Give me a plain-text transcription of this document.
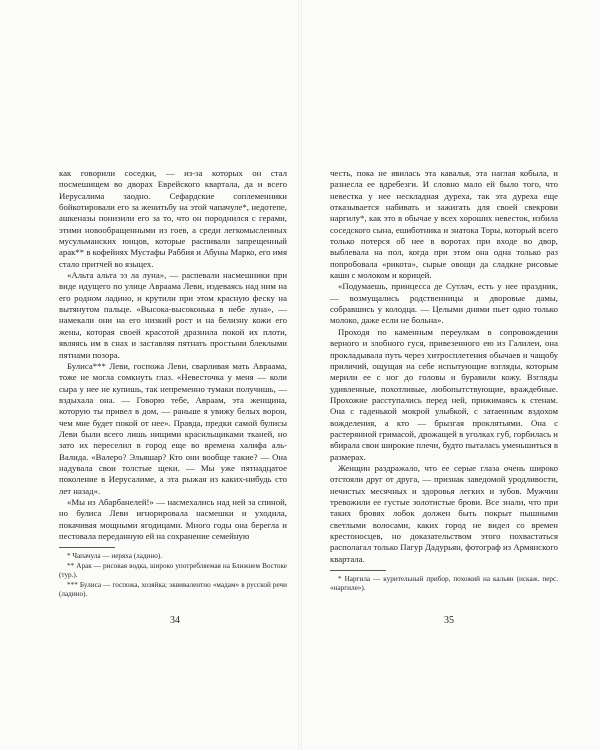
как говорили соседки, — из-за которых он стал посмешищем во дворах Еврейского квартала, да и всего Иерусалима заодно. Сефардские соплеменники бойкотировали его за женитьбу на этой чапачуле*, недотепе, ашкеназы понизили его за то, что он породнился с герами, этими новообращенными из гоев, а среди легкомысленных мусульманских юнцов, которые распивали запрещенный арак** в кофейнях Мустафы Раббия и Абуны Марко, его имя стало притчей во языцех.

«Альта альта эз ла луна», — распевали насмешники при виде идущего по улице Авраама Леви, издеваясь над ним на его родном ладино, и крутили при этом красную феску на вытянутом пальце. «Высока-высоконька в небе луна», — намекали они на его низкий рост и на белизну кожи его жены, которая своей красотой дразнила покой их плоти, являясь им в снах и заставляя пятнать простыни блеклыми пятнами позора.

Булиса*** Леви, госпожа Леви, сварливая мать Авраама, тоже не могла сомкнуть глаз. «Невесточка у меня — коли сыра у нее не купишь, так непременно тумаки получишь, — вздыхала она. — Говорю тебе, Авраам, эта женщина, которую ты привел в дом, — раньше я увижу белых ворон, чем мне будет покой от нее». Правда, предки самой булисы Леви были всего лишь нищими красильщиками тканей, но зато их переселил в город еще во времена халифа аль-Валида. «Валеро? Эльяшар? Кто они вообще такие? — Она надувала свои толстые щеки. — Мы уже пятнадцатое поколение в Иерусалиме, а эта рыжая из каких-нибудь сто лет назад».

«Мы из Абарбанелей!» — насмехались над ней за спиной, но булиса Леви игнорировала насмешки и уходила, покачивая мощными ягодицами. Много годы она берегла и пестовала переданную ей на сохранение семейную

* Чапачула — неряха (ладино).

** Арак — рисовая водка, широко употребляемая на Ближнем Востоке (тур.).

*** Булиса — госпожа, хозяйка; эквивалентно «мадам» в русской речи (ладино).

34

честь, пока не явилась эта кавалья, эта наглая кобыла, и разнесла ее вдребезги. И словно мало ей было того, что невестка у нее нескладная дуреха, так эта дуреха еще отказывается набивать и зажигать для своей свекрови наргилу*, как это в обычае у всех хороших невесток, избила соседского сына, ешиботника и знатока Торы, который всего только потерся об нее в воротах при входе во двор, выблевала на пол, когда при этом она одна только раз попробовала «рикота», сырые овощи да сладкие рисовые каши с молоком и корицей.

«Подумаешь, принцесса де Сутлач, есть у нее праздник, — возмущались родственницы и дворовые дамы, собравшись у колодца. — Целыми днями пьет одно только молоко, даже если не больна».

Проходя по каменным переулкам в сопровождении верного и злобного гуся, привезенного ею из Галилеи, она прокладывала путь через хитросплетения обычаев и чащобу приличий, ощущая на себе испытующие взгляды, которым мерили ее с ног до головы и буравили кожу. Взгляды удивленные, похотливые, любопытствующие, враждебные. Прохожие расступались перед ней, прижимаясь к стенам. Она с гаденькой мокрой улыбкой, с затаенным вздохом вожделения, а кто — брызгая проклятьями. Она с растерянной гримасой, дрожащей в уголках губ, горбилась и вбирала свои широкие плечи, будто пыталась уменьшиться в размерах.

Женщин раздражало, что ее серые глаза очень широко отстояли друг от друга, — признак заведомой уродливости, нечистых месячных и здоровья легких и зубов. Мужчин тревожили ее густые золотистые брови. Все знали, что при таких бровях лобок должен быть покрыт пышными светлыми волосами, каких город не видел со времен крестоносцев, но доказательством этого похвастаться располагал только Пагур Дадурьян, фотограф из Армянского квартала.

* Наргила — курительный прибор, похожий на кальян (искаж. перс. «наргиле»).

35
